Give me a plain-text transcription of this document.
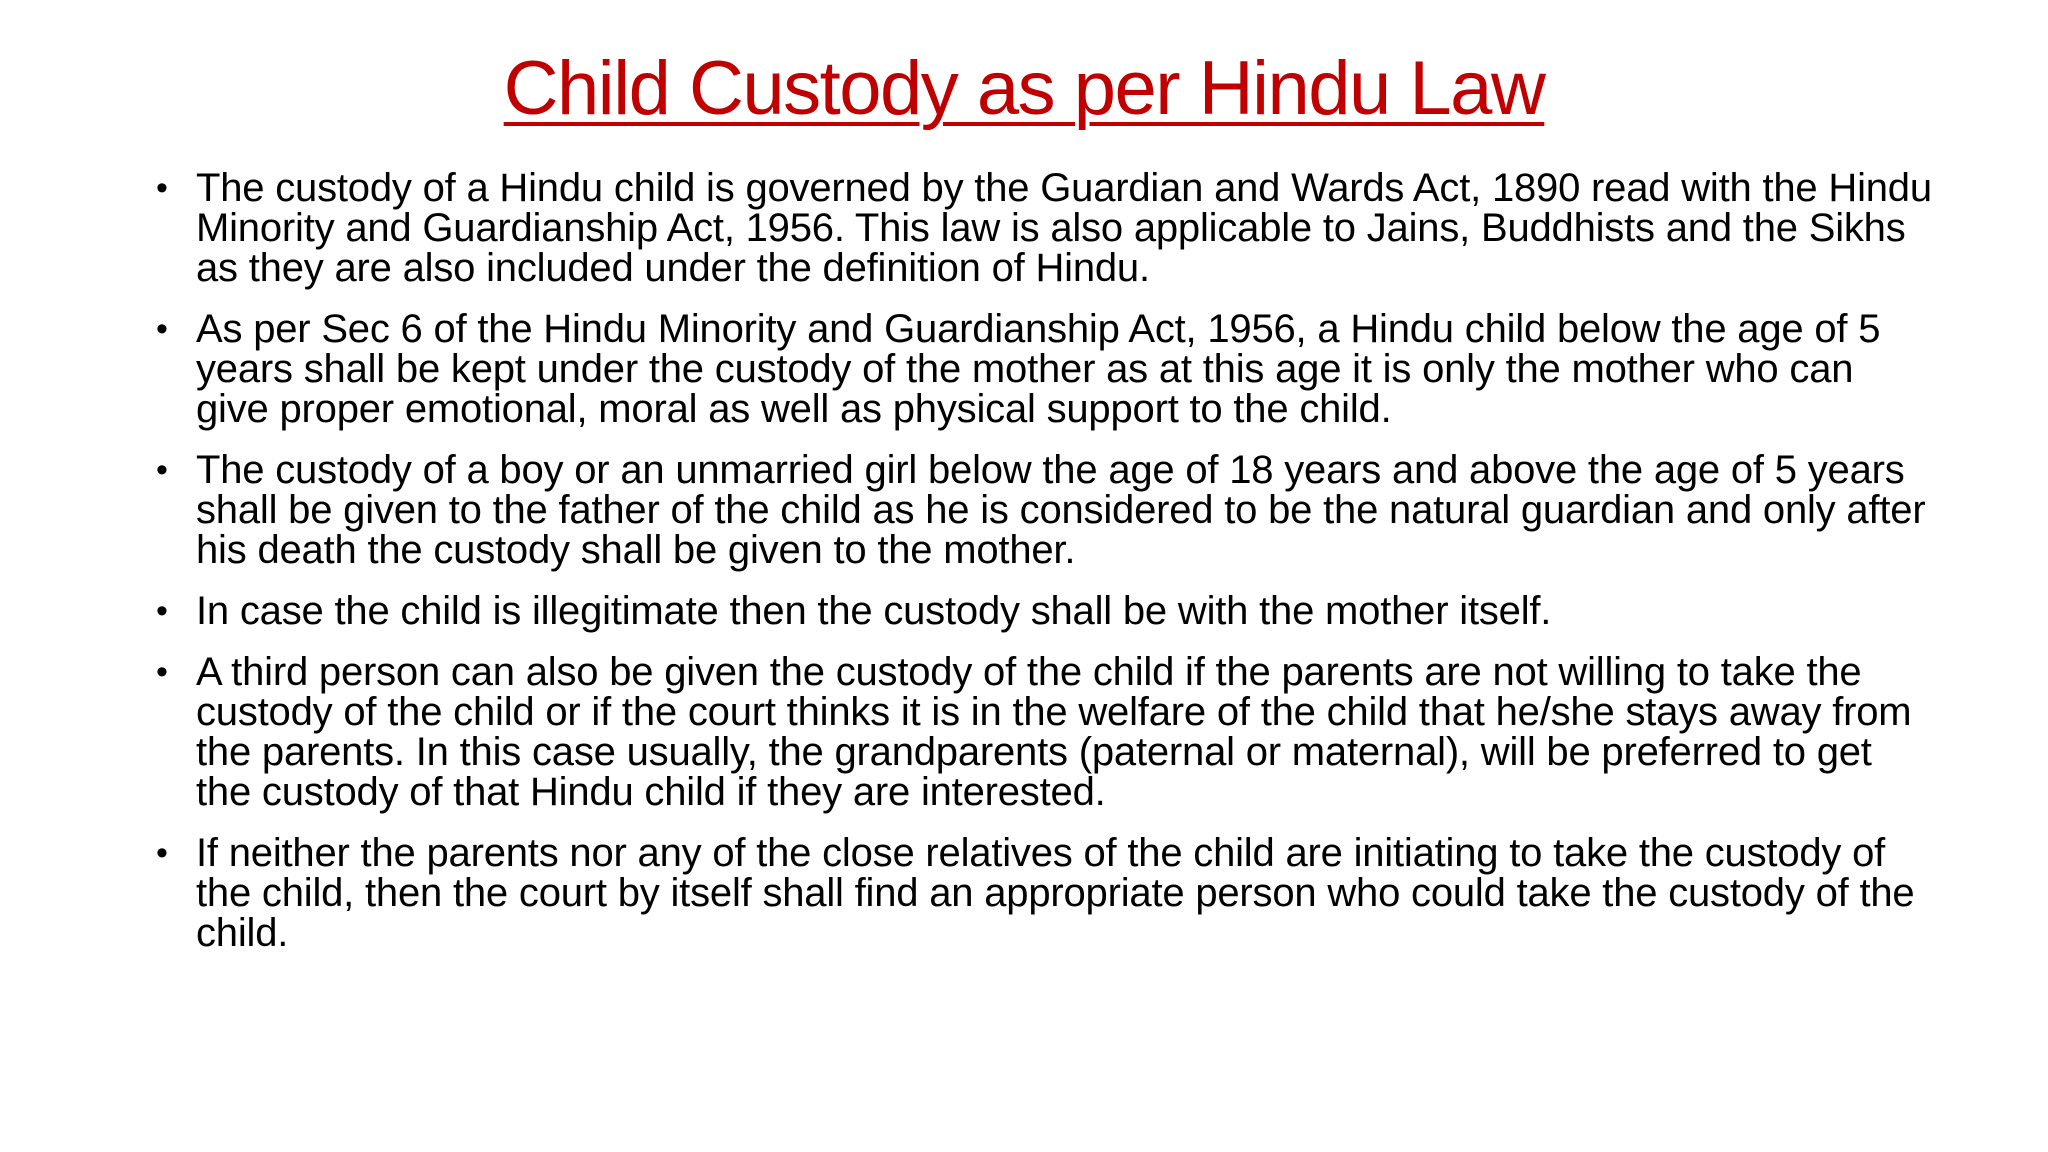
Child Custody as per Hindu Law
• The custody of a Hindu child is governed by the Guardian and Wards Act, 1890 read with the Hindu Minority and Guardianship Act, 1956. This law is also applicable to Jains, Buddhists and the Sikhs as they are also included under the definition of Hindu.
• As per Sec 6 of the Hindu Minority and Guardianship Act, 1956, a Hindu child below the age of 5 years shall be kept under the custody of the mother as at this age it is only the mother who can give proper emotional, moral as well as physical support to the child.
• The custody of a boy or an unmarried girl below the age of 18 years and above the age of 5 years shall be given to the father of the child as he is considered to be the natural guardian and only after his death the custody shall be given to the mother.
• In case the child is illegitimate then the custody shall be with the mother itself.
• A third person can also be given the custody of the child if the parents are not willing to take the custody of the child or if the court thinks it is in the welfare of the child that he/she stays away from the parents. In this case usually, the grandparents (paternal or maternal), will be preferred to get the custody of that Hindu child if they are interested.
• If neither the parents nor any of the close relatives of the child are initiating to take the custody of the child, then the court by itself shall find an appropriate person who could take the custody of the child.
